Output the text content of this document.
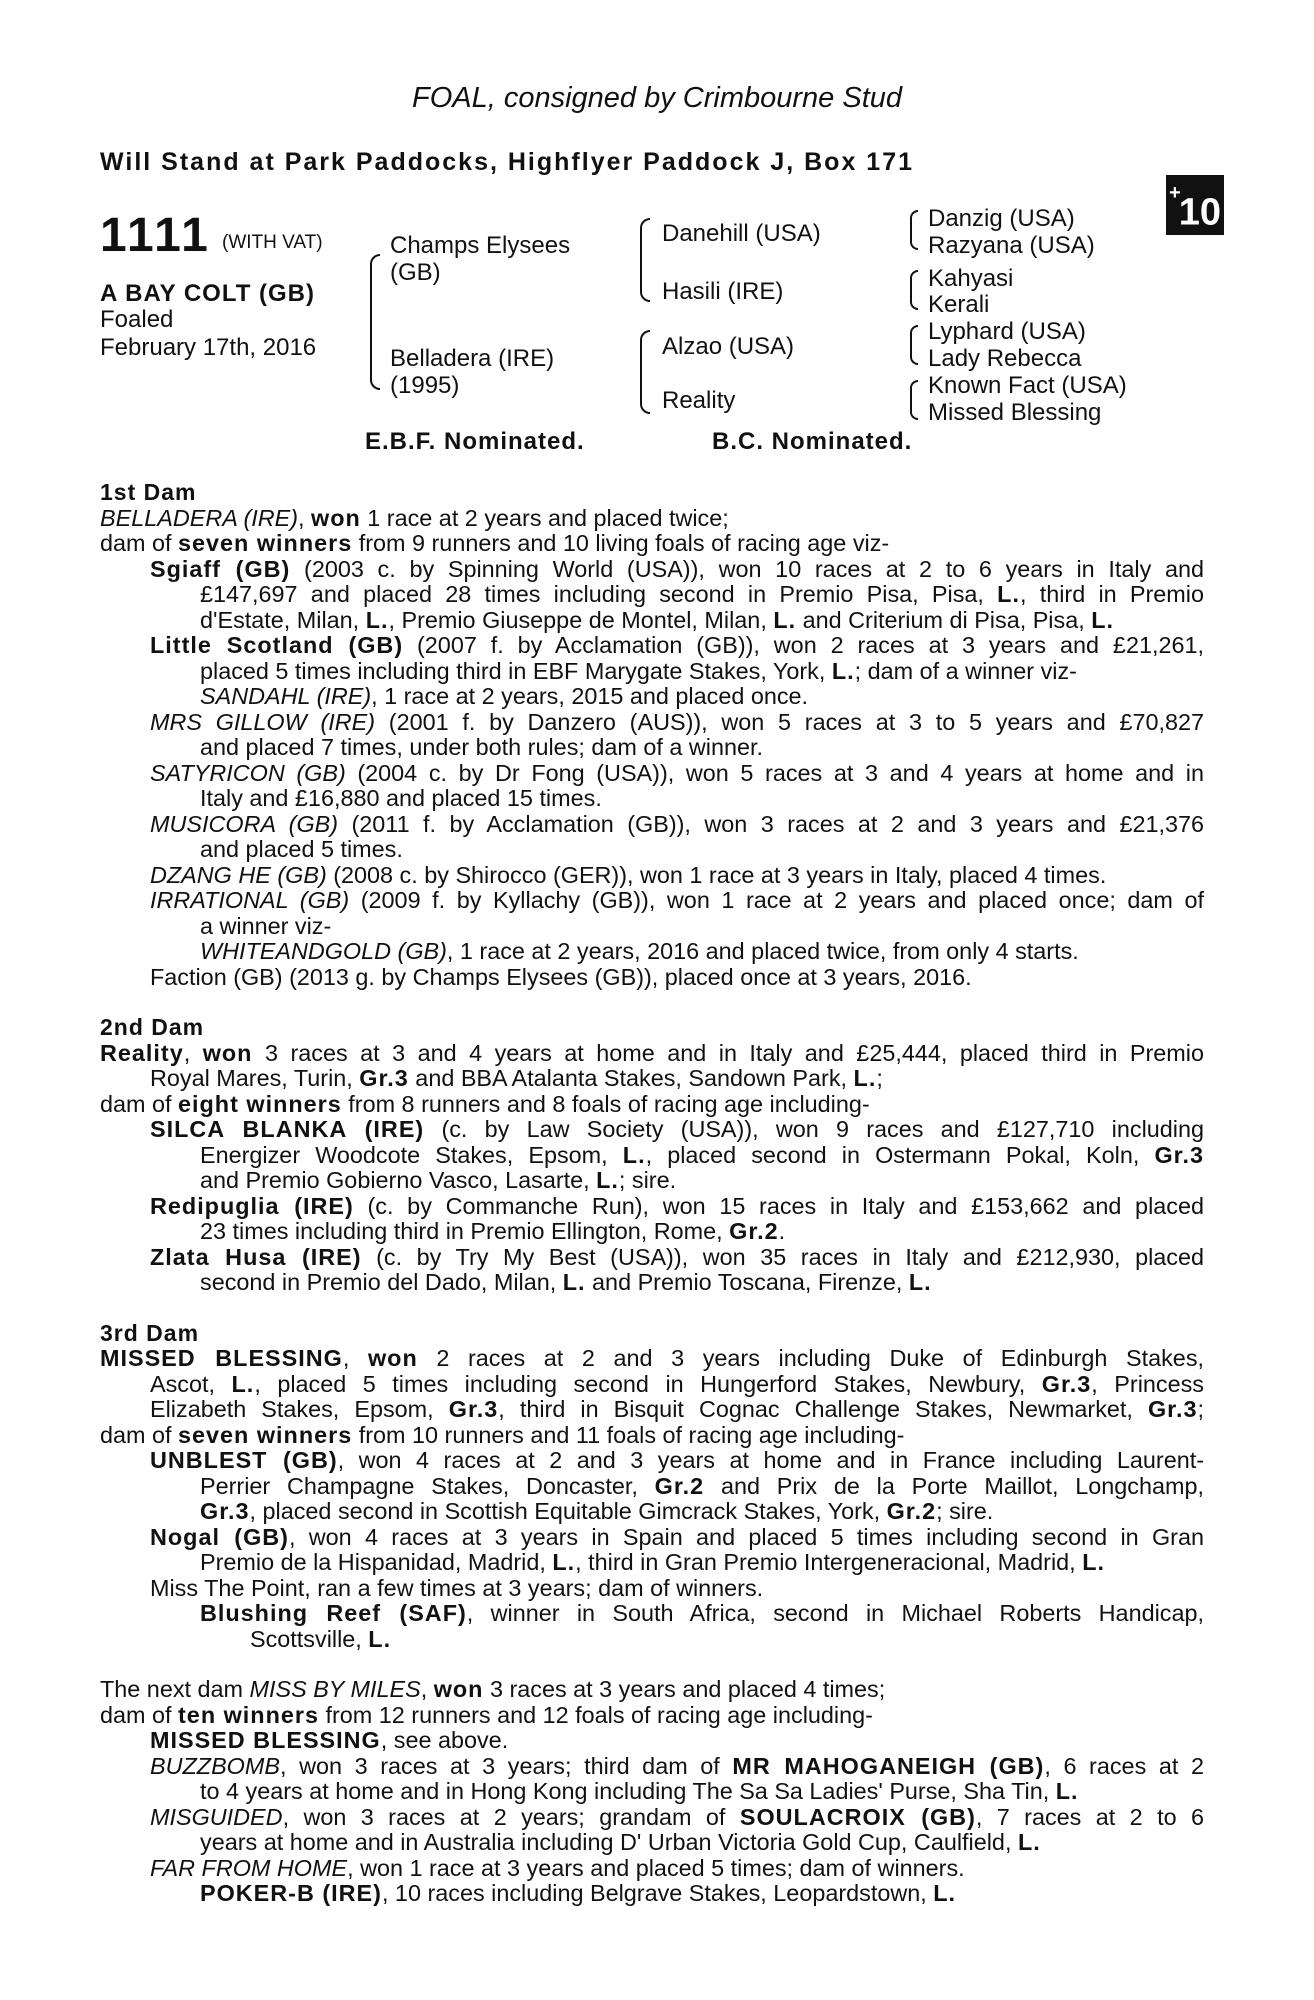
FOAL, consigned by Crimbourne Stud
Will Stand at Park Paddocks, Highflyer Paddock J, Box 171
+10
1111 (WITH VAT)
A BAY COLT (GB)
Foaled
February 17th, 2016
Champs Elysees
(GB)
Belladera (IRE)
(1995)
Danehill (USA)
Hasili (IRE)
Alzao (USA)
Reality
Danzig (USA)
Razyana (USA)
Kahyasi
Kerali
Lyphard (USA)
Lady Rebecca
Known Fact (USA)
Missed Blessing
E.B.F. Nominated.	B.C. Nominated.
1st Dam
BELLADERA (IRE), won 1 race at 2 years and placed twice;
dam of seven winners from 9 runners and 10 living foals of racing age viz-
Sgiaff (GB) (2003 c. by Spinning World (USA)), won 10 races at 2 to 6 years in Italy and
£147,697 and placed 28 times including second in Premio Pisa, Pisa, L., third in Premio
d'Estate, Milan, L., Premio Giuseppe de Montel, Milan, L. and Criterium di Pisa, Pisa, L.
Little Scotland (GB) (2007 f. by Acclamation (GB)), won 2 races at 3 years and £21,261,
placed 5 times including third in EBF Marygate Stakes, York, L.; dam of a winner viz-
SANDAHL (IRE), 1 race at 2 years, 2015 and placed once.
MRS GILLOW (IRE) (2001 f. by Danzero (AUS)), won 5 races at 3 to 5 years and £70,827
and placed 7 times, under both rules; dam of a winner.
SATYRICON (GB) (2004 c. by Dr Fong (USA)), won 5 races at 3 and 4 years at home and in
Italy and £16,880 and placed 15 times.
MUSICORA (GB) (2011 f. by Acclamation (GB)), won 3 races at 2 and 3 years and £21,376
and placed 5 times.
DZANG HE (GB) (2008 c. by Shirocco (GER)), won 1 race at 3 years in Italy, placed 4 times.
IRRATIONAL (GB) (2009 f. by Kyllachy (GB)), won 1 race at 2 years and placed once; dam of
a winner viz-
WHITEANDGOLD (GB), 1 race at 2 years, 2016 and placed twice, from only 4 starts.
Faction (GB) (2013 g. by Champs Elysees (GB)), placed once at 3 years, 2016.
2nd Dam
Reality, won 3 races at 3 and 4 years at home and in Italy and £25,444, placed third in Premio
Royal Mares, Turin, Gr.3 and BBA Atalanta Stakes, Sandown Park, L.;
dam of eight winners from 8 runners and 8 foals of racing age including-
SILCA BLANKA (IRE) (c. by Law Society (USA)), won 9 races and £127,710 including
Energizer Woodcote Stakes, Epsom, L., placed second in Ostermann Pokal, Koln, Gr.3
and Premio Gobierno Vasco, Lasarte, L.; sire.
Redipuglia (IRE) (c. by Commanche Run), won 15 races in Italy and £153,662 and placed
23 times including third in Premio Ellington, Rome, Gr.2.
Zlata Husa (IRE) (c. by Try My Best (USA)), won 35 races in Italy and £212,930, placed
second in Premio del Dado, Milan, L. and Premio Toscana, Firenze, L.
3rd Dam
MISSED BLESSING, won 2 races at 2 and 3 years including Duke of Edinburgh Stakes,
Ascot, L., placed 5 times including second in Hungerford Stakes, Newbury, Gr.3, Princess
Elizabeth Stakes, Epsom, Gr.3, third in Bisquit Cognac Challenge Stakes, Newmarket, Gr.3;
dam of seven winners from 10 runners and 11 foals of racing age including-
UNBLEST (GB), won 4 races at 2 and 3 years at home and in France including Laurent-
Perrier Champagne Stakes, Doncaster, Gr.2 and Prix de la Porte Maillot, Longchamp,
Gr.3, placed second in Scottish Equitable Gimcrack Stakes, York, Gr.2; sire.
Nogal (GB), won 4 races at 3 years in Spain and placed 5 times including second in Gran
Premio de la Hispanidad, Madrid, L., third in Gran Premio Intergeneracional, Madrid, L.
Miss The Point, ran a few times at 3 years; dam of winners.
Blushing Reef (SAF), winner in South Africa, second in Michael Roberts Handicap,
Scottsville, L.
The next dam MISS BY MILES, won 3 races at 3 years and placed 4 times;
dam of ten winners from 12 runners and 12 foals of racing age including-
MISSED BLESSING, see above.
BUZZBOMB, won 3 races at 3 years; third dam of MR MAHOGANEIGH (GB), 6 races at 2
to 4 years at home and in Hong Kong including The Sa Sa Ladies' Purse, Sha Tin, L.
MISGUIDED, won 3 races at 2 years; grandam of SOULACROIX (GB), 7 races at 2 to 6
years at home and in Australia including D' Urban Victoria Gold Cup, Caulfield, L.
FAR FROM HOME, won 1 race at 3 years and placed 5 times; dam of winners.
POKER-B (IRE), 10 races including Belgrave Stakes, Leopardstown, L.
